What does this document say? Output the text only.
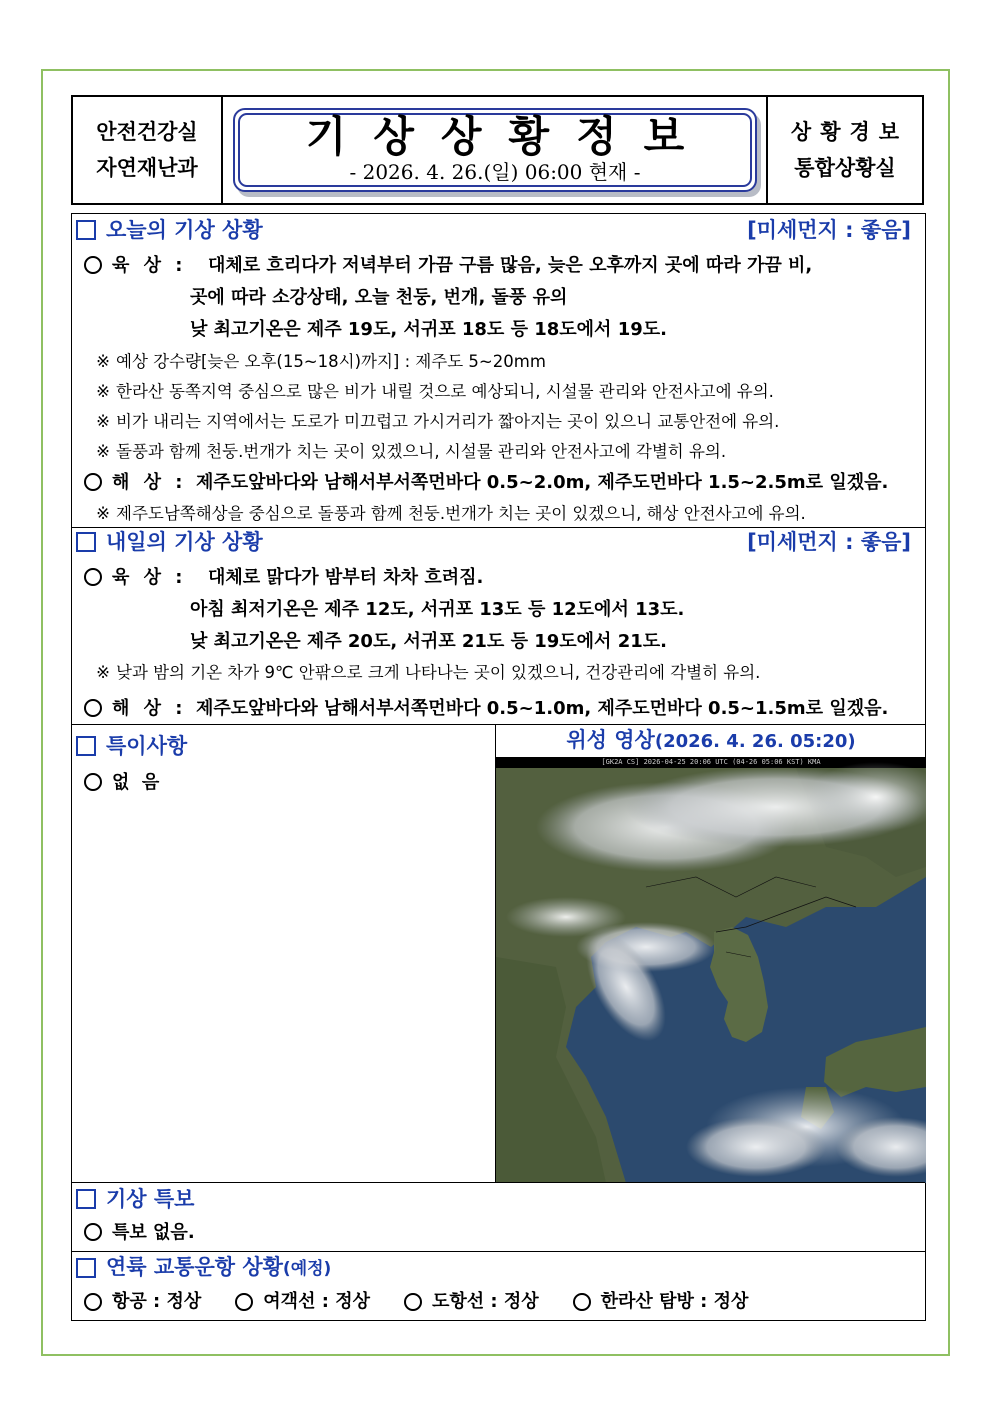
안전건강실
자연재난과
기상상황정보
- 2026. 4. 26.(일) 06:00 현재 -
상황경보
통합상황실
오늘의 기상 상황	[미세먼지 : 좋음]
육 상 : 대체로 흐리다가 저녁부터 가끔 구름 많음, 늦은 오후까지 곳에 따라 가끔 비,
곳에 따라 소강상태, 오늘 천둥, 번개, 돌풍 유의
낮 최고기온은 제주 19도, 서귀포 18도 등 18도에서 19도.
※ 예상 강수량[늦은 오후(15~18시)까지] : 제주도 5~20mm
※ 한라산 동쪽지역 중심으로 많은 비가 내릴 것으로 예상되니, 시설물 관리와 안전사고에 유의.
※ 비가 내리는 지역에서는 도로가 미끄럽고 가시거리가 짧아지는 곳이 있으니 교통안전에 유의.
※ 돌풍과 함께 천둥.번개가 치는 곳이 있겠으니, 시설물 관리와 안전사고에 각별히 유의.
해 상 : 제주도앞바다와 남해서부서쪽먼바다 0.5~2.0m, 제주도먼바다 1.5~2.5m로 일겠음.
※ 제주도남쪽해상을 중심으로 돌풍과 함께 천둥.번개가 치는 곳이 있겠으니, 해상 안전사고에 유의.
내일의 기상 상황	[미세먼지 : 좋음]
육 상 : 대체로 맑다가 밤부터 차차 흐려짐.
아침 최저기온은 제주 12도, 서귀포 13도 등 12도에서 13도.
낮 최고기온은 제주 20도, 서귀포 21도 등 19도에서 21도.
※ 낮과 밤의 기온 차가 9℃ 안팎으로 크게 나타나는 곳이 있겠으니, 건강관리에 각별히 유의.
해 상 : 제주도앞바다와 남해서부서쪽먼바다 0.5~1.0m, 제주도먼바다 0.5~1.5m로 일겠음.
특이사항
없  음
위성 영상(2026. 4. 26. 05:20)
[GK2A CS] 2026-04-25 20:06 UTC (04-26 05:06 KST) KMA
기상 특보
특보 없음.
연륙 교통운항 상황(예정)
항공 : 정상	여객선 : 정상	도항선 : 정상	한라산 탐방 : 정상
